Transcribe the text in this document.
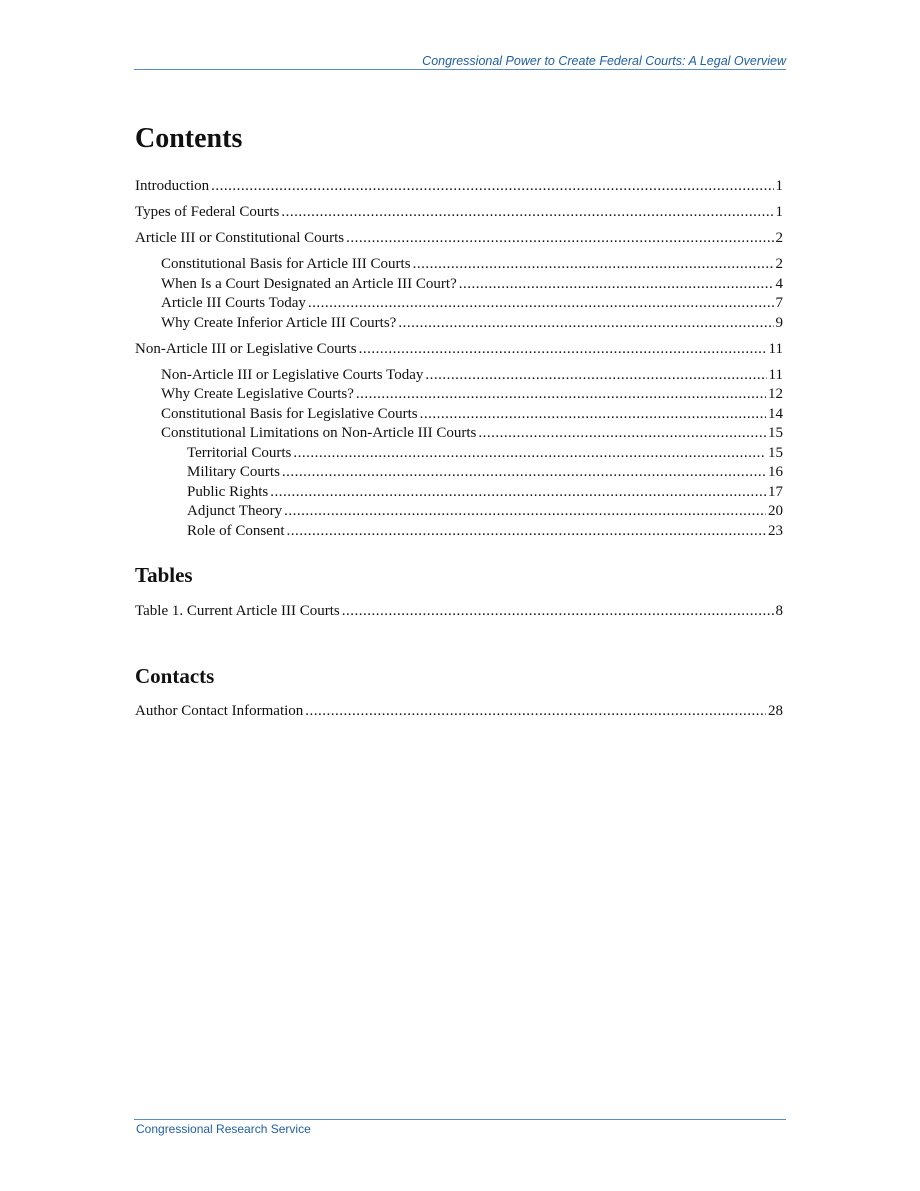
Congressional Power to Create Federal Courts: A Legal Overview
Contents
Introduction .....	1
Types of Federal Courts .....	1
Article III or Constitutional Courts .....	2
Constitutional Basis for Article III Courts .....	2
When Is a Court Designated an Article III Court? .....	4
Article III Courts Today .....	7
Why Create Inferior Article III Courts? .....	9
Non-Article III or Legislative Courts .....	11
Non-Article III or Legislative Courts Today .....	11
Why Create Legislative Courts? .....	12
Constitutional Basis for Legislative Courts .....	14
Constitutional Limitations on Non-Article III Courts .....	15
Territorial Courts .....	15
Military Courts .....	16
Public Rights .....	17
Adjunct Theory .....	20
Role of Consent .....	23
Tables
Table 1. Current Article III Courts .....	8
Contacts
Author Contact Information .....	28
Congressional Research Service
